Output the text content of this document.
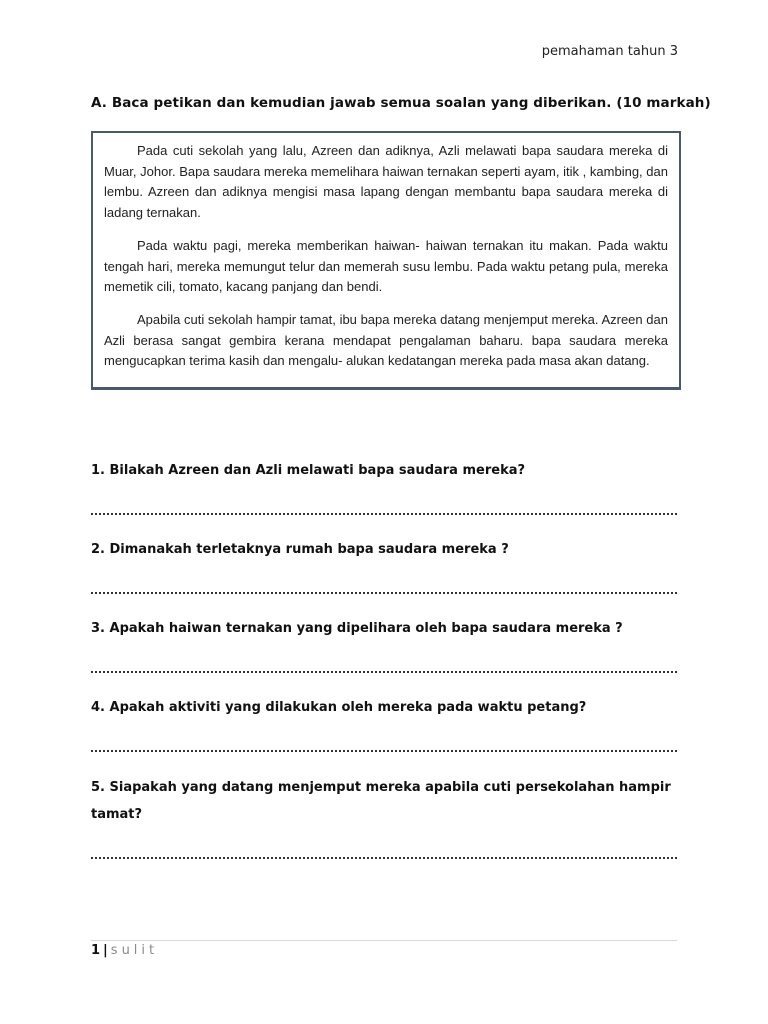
pemahaman tahun 3
A. Baca petikan dan kemudian jawab semua soalan yang diberikan. (10 markah)

Pada cuti sekolah yang lalu, Azreen dan adiknya, Azli melawati bapa saudara mereka di Muar, Johor. Bapa saudara mereka memelihara haiwan ternakan seperti ayam, itik , kambing, dan lembu. Azreen dan adiknya mengisi masa lapang dengan membantu bapa saudara mereka di ladang ternakan.

Pada waktu pagi, mereka memberikan haiwan- haiwan ternakan itu makan. Pada waktu tengah hari, mereka memungut telur dan memerah susu lembu. Pada waktu petang pula, mereka memetik cili, tomato, kacang panjang dan bendi.

Apabila cuti sekolah hampir tamat, ibu bapa mereka datang menjemput mereka. Azreen dan Azli berasa sangat gembira kerana mendapat pengalaman baharu. bapa saudara mereka mengucapkan terima kasih dan mengalu- alukan kedatangan mereka pada masa akan datang.

1. Bilakah Azreen dan Azli melawati bapa saudara mereka?
2. Dimanakah terletaknya rumah bapa saudara mereka ?
3. Apakah haiwan ternakan yang dipelihara oleh bapa saudara mereka ?
4. Apakah aktiviti yang dilakukan oleh mereka pada waktu petang?
5. Siapakah yang datang menjemput mereka apabila cuti persekolahan hampir tamat?
1 | sulit
